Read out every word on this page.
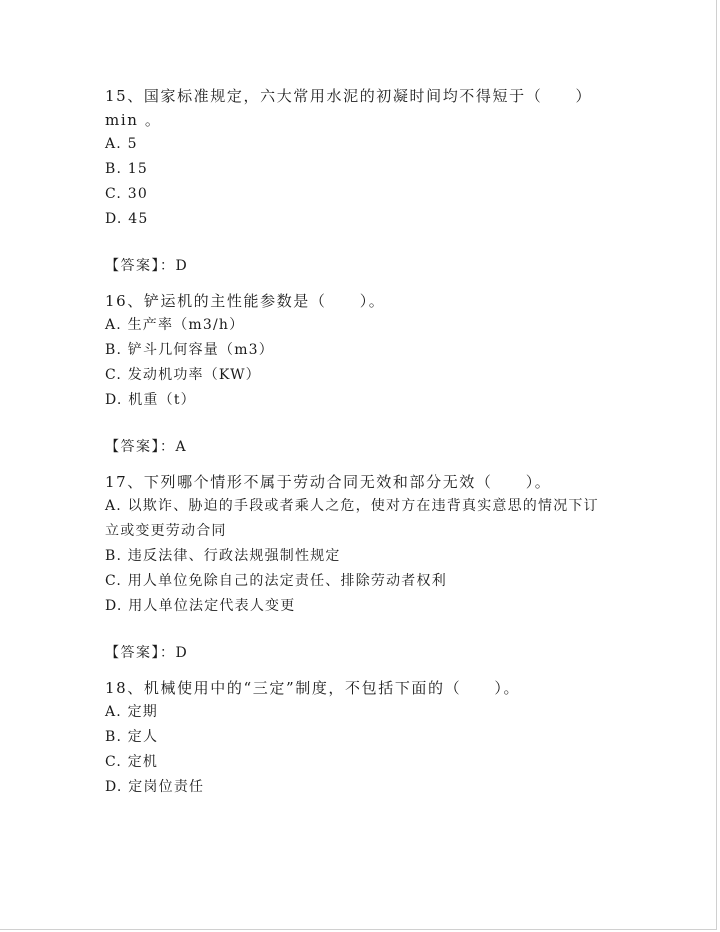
15、国家标准规定，六大常用水泥的初凝时间均不得短于（　　）min 。

A. 5

B. 15

C. 30

D. 45

【答案】：D

16、铲运机的主性能参数是（　　）。

A. 生产率（m3/h）

B. 铲斗几何容量（m3）

C. 发动机功率（KW）

D. 机重（t）

【答案】：A

17、下列哪个情形不属于劳动合同无效和部分无效（　　）。

A. 以欺诈、胁迫的手段或者乘人之危，使对方在违背真实意思的情况下订立或变更劳动合同

B. 违反法律、行政法规强制性规定

C. 用人单位免除自己的法定责任、排除劳动者权利

D. 用人单位法定代表人变更

【答案】：D

18、机械使用中的“三定”制度，不包括下面的（　　）。

A. 定期

B. 定人

C. 定机

D. 定岗位责任
